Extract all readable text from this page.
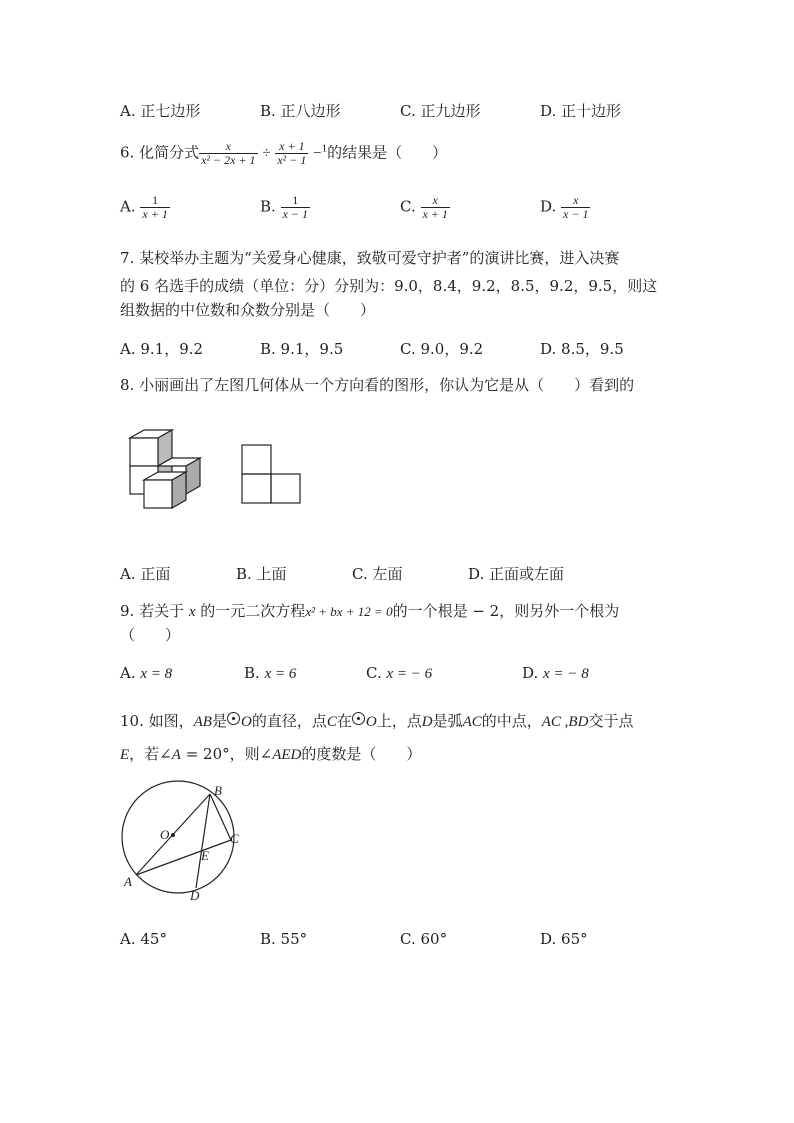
A. 正七边形	B. 正八边形	C. 正九边形	D. 正十边形
6. 化简分式 $\frac{x}{\text{x² − 2x + 1}} \div \frac{x + 1}{\text{x² − 1}} -^1$的结果是（　　）
A. $\frac{1}{x + 1}$	B. $\frac{1}{x - 1}$	C. $\frac{x}{x + 1}$	D. $\frac{x}{x - 1}$
7. 某校举办主题为“关爱身心健康，致敬可爱守护者”的演讲比赛，进入决赛
的 6 名选手的成绩（单位：分）分别为：9.0，8.4，9.2，8.5，9.2，9.5，则这
组数据的中位数和众数分别是（　　）
A. 9.1，9.2	B. 9.1，9.5	C. 9.0，9.2	D. 8.5，9.5
8. 小丽画出了左图几何体从一个方向看的图形，你认为它是从（　　）看到的
A. 正面	B. 上面	C. 左面	D. 正面或左面
9. 若关于 x 的一元二次方程x² + bx + 12 = 0的一个根是 − 2，则另外一个根为
（　　）
A. x = 8	B. x = 6	C. x = − 6	D. x = − 8
10. 如图，AB是 O的直径，点C在 O上，点D是弧AC的中点，AC ,BD交于点
E，若∠A = 20°，则∠AED的度数是（　　）
B
C
O
E
A
D
A. 45°	B. 55°	C. 60°	D. 65°
